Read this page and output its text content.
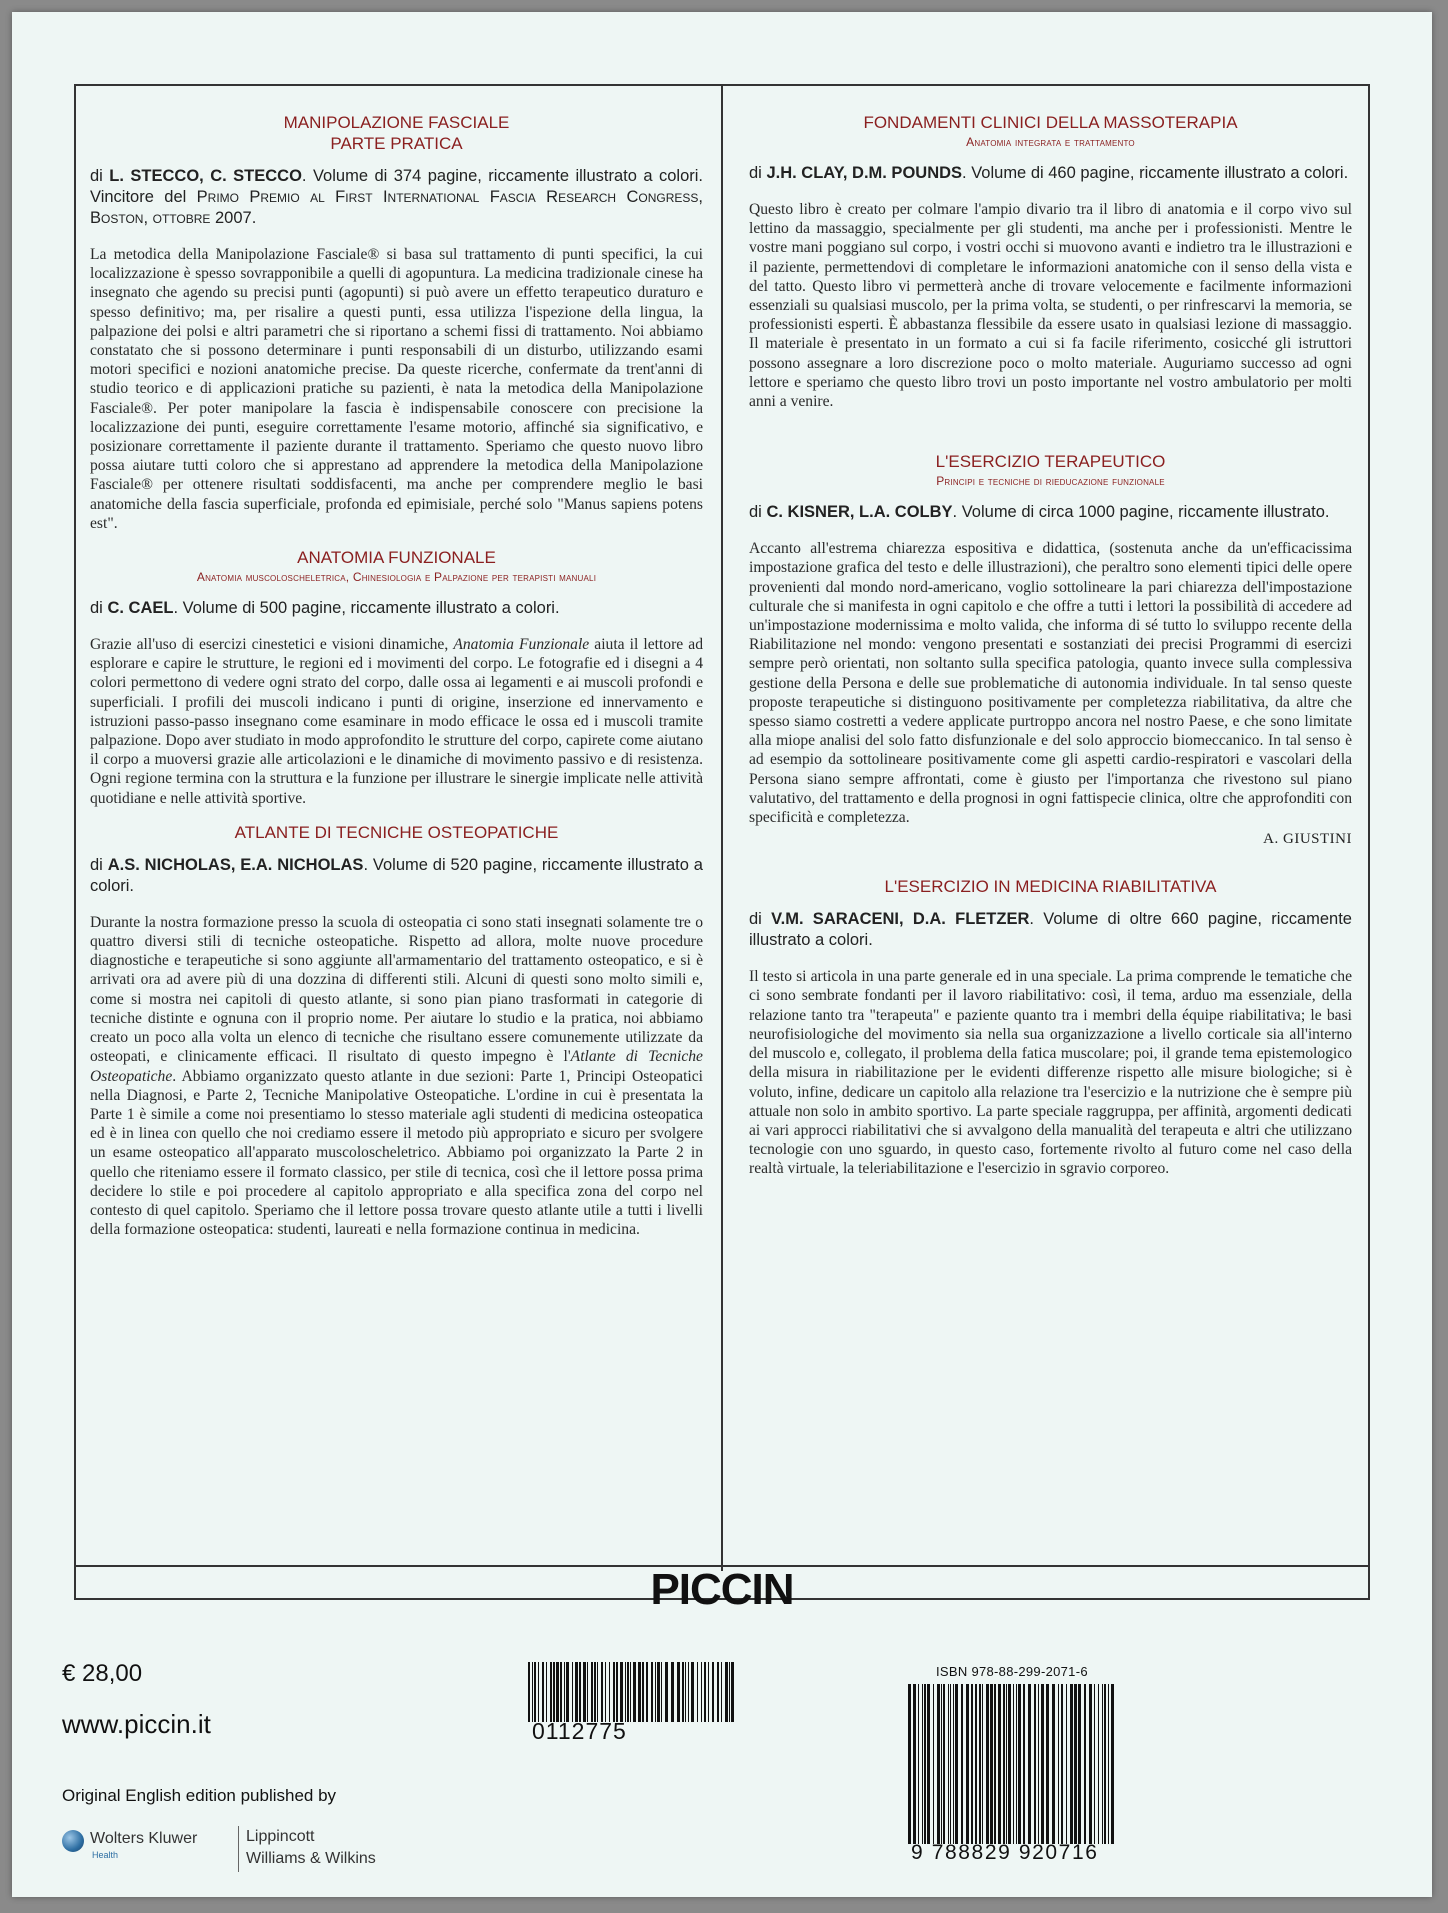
MANIPOLAZIONE FASCIALE

PARTE PRATICA

di L. STECCO, C. STECCO. Volume di 374 pagine, riccamente illustrato a colori. Vincitore del Primo Premio al First International Fascia Research Congress, Boston, ottobre 2007.

La metodica della Manipolazione Fasciale® si basa sul trattamento di punti specifici, la cui localizzazione è spesso sovrapponibile a quelli di agopuntura. La medicina tradizionale cinese ha insegnato che agendo su precisi punti (agopunti) si può avere un effetto terapeutico duraturo e spesso definitivo; ma, per risalire a questi punti, essa utilizza l'ispezione della lingua, la palpazione dei polsi e altri parametri che si riportano a schemi fissi di trattamento. Noi abbiamo constatato che si possono determinare i punti responsabili di un disturbo, utilizzando esami motori specifici e nozioni anatomiche precise. Da queste ricerche, confermate da trent'anni di studio teorico e di applicazioni pratiche su pazienti, è nata la metodica della Manipolazione Fasciale®. Per poter manipolare la fascia è indispensabile conoscere con precisione la localizzazione dei punti, eseguire correttamente l'esame motorio, affinché sia significativo, e posizionare correttamente il paziente durante il trattamento. Speriamo che questo nuovo libro possa aiutare tutti coloro che si apprestano ad apprendere la metodica della Manipolazione Fasciale® per ottenere risultati soddisfacenti, ma anche per comprendere meglio le basi anatomiche della fascia superficiale, profonda ed epimisiale, perché solo "Manus sapiens potens est".

ANATOMIA FUNZIONALE

Anatomia muscoloscheletrica, Chinesiologia e Palpazione per terapisti manuali

di C. CAEL. Volume di 500 pagine, riccamente illustrato a colori.

Grazie all'uso di esercizi cinestetici e visioni dinamiche, Anatomia Funzionale aiuta il lettore ad esplorare e capire le strutture, le regioni ed i movimenti del corpo. Le fotografie ed i disegni a 4 colori permettono di vedere ogni strato del corpo, dalle ossa ai legamenti e ai muscoli profondi e superficiali. I profili dei muscoli indicano i punti di origine, inserzione ed innervamento e istruzioni passo-passo insegnano come esaminare in modo efficace le ossa ed i muscoli tramite palpazione. Dopo aver studiato in modo approfondito le strutture del corpo, capirete come aiutano il corpo a muoversi grazie alle articolazioni e le dinamiche di movimento passivo e di resistenza. Ogni regione termina con la struttura e la funzione per illustrare le sinergie implicate nelle attività quotidiane e nelle attività sportive.

ATLANTE DI TECNICHE OSTEOPATICHE

di A.S. NICHOLAS, E.A. NICHOLAS. Volume di 520 pagine, riccamente illustrato a colori.

Durante la nostra formazione presso la scuola di osteopatia ci sono stati insegnati solamente tre o quattro diversi stili di tecniche osteopatiche. Rispetto ad allora, molte nuove procedure diagnostiche e terapeutiche si sono aggiunte all'armamentario del trattamento osteopatico, e si è arrivati ora ad avere più di una dozzina di differenti stili. Alcuni di questi sono molto simili e, come si mostra nei capitoli di questo atlante, si sono pian piano trasformati in categorie di tecniche distinte e ognuna con il proprio nome. Per aiutare lo studio e la pratica, noi abbiamo creato un poco alla volta un elenco di tecniche che risultano essere comunemente utilizzate da osteopati, e clinicamente efficaci. Il risultato di questo impegno è l'Atlante di Tecniche Osteopatiche. Abbiamo organizzato questo atlante in due sezioni: Parte 1, Principi Osteopatici nella Diagnosi, e Parte 2, Tecniche Manipolative Osteopatiche. L'ordine in cui è presentata la Parte 1 è simile a come noi presentiamo lo stesso materiale agli studenti di medicina osteopatica ed è in linea con quello che noi crediamo essere il metodo più appropriato e sicuro per svolgere un esame osteopatico all'apparato muscoloscheletrico. Abbiamo poi organizzato la Parte 2 in quello che riteniamo essere il formato classico, per stile di tecnica, così che il lettore possa prima decidere lo stile e poi procedere al capitolo appropriato e alla specifica zona del corpo nel contesto di quel capitolo. Speriamo che il lettore possa trovare questo atlante utile a tutti i livelli della formazione osteopatica: studenti, laureati e nella formazione continua in medicina.

FONDAMENTI CLINICI DELLA MASSOTERAPIA

Anatomia integrata e trattamento

di J.H. CLAY, D.M. POUNDS. Volume di 460 pagine, riccamente illustrato a colori.

Questo libro è creato per colmare l'ampio divario tra il libro di anatomia e il corpo vivo sul lettino da massaggio, specialmente per gli studenti, ma anche per i professionisti. Mentre le vostre mani poggiano sul corpo, i vostri occhi si muovono avanti e indietro tra le illustrazioni e il paziente, permettendovi di completare le informazioni anatomiche con il senso della vista e del tatto. Questo libro vi permetterà anche di trovare velocemente e facilmente informazioni essenziali su qualsiasi muscolo, per la prima volta, se studenti, o per rinfrescarvi la memoria, se professionisti esperti. È abbastanza flessibile da essere usato in qualsiasi lezione di massaggio. Il materiale è presentato in un formato a cui si fa facile riferimento, cosicché gli istruttori possono assegnare a loro discrezione poco o molto materiale. Auguriamo successo ad ogni lettore e speriamo che questo libro trovi un posto importante nel vostro ambulatorio per molti anni a venire.

L'ESERCIZIO TERAPEUTICO

Principi e tecniche di rieducazione funzionale

di C. KISNER, L.A. COLBY. Volume di circa 1000 pagine, riccamente illustrato.

Accanto all'estrema chiarezza espositiva e didattica, (sostenuta anche da un'efficacissima impostazione grafica del testo e delle illustrazioni), che peraltro sono elementi tipici delle opere provenienti dal mondo nord-americano, voglio sottolineare la pari chiarezza dell'impostazione culturale che si manifesta in ogni capitolo e che offre a tutti i lettori la possibilità di accedere ad un'impostazione modernissima e molto valida, che informa di sé tutto lo sviluppo recente della Riabilitazione nel mondo: vengono presentati e sostanziati dei precisi Programmi di esercizi sempre però orientati, non soltanto sulla specifica patologia, quanto invece sulla complessiva gestione della Persona e delle sue problematiche di autonomia individuale. In tal senso queste proposte terapeutiche si distinguono positivamente per completezza riabilitativa, da altre che spesso siamo costretti a vedere applicate purtroppo ancora nel nostro Paese, e che sono limitate alla miope analisi del solo fatto disfunzionale e del solo approccio biomeccanico. In tal senso è ad esempio da sottolineare positivamente come gli aspetti cardio-respiratori e vascolari della Persona siano sempre affrontati, come è giusto per l'importanza che rivestono sul piano valutativo, del trattamento e della prognosi in ogni fattispecie clinica, oltre che approfonditi con specificità e completezza.

A. GIUSTINI

L'ESERCIZIO IN MEDICINA RIABILITATIVA

di V.M. SARACENI, D.A. FLETZER. Volume di oltre 660 pagine, riccamente illustrato a colori.

Il testo si articola in una parte generale ed in una speciale. La prima comprende le tematiche che ci sono sembrate fondanti per il lavoro riabilitativo: così, il tema, arduo ma essenziale, della relazione tanto tra "terapeuta" e paziente quanto tra i membri della équipe riabilitativa; le basi neurofisiologiche del movimento sia nella sua organizzazione a livello corticale sia all'interno del muscolo e, collegato, il problema della fatica muscolare; poi, il grande tema epistemologico della misura in riabilitazione per le evidenti differenze rispetto alle misure biologiche; si è voluto, infine, dedicare un capitolo alla relazione tra l'esercizio e la nutrizione che è sempre più attuale non solo in ambito sportivo. La parte speciale raggruppa, per affinità, argomenti dedicati ai vari approcci riabilitativi che si avvalgono della manualità del terapeuta e altri che utilizzano tecnologie con uno sguardo, in questo caso, fortemente rivolto al futuro come nel caso della realtà virtuale, la teleriabilitazione e l'esercizio in sgravio corporeo.

PICCIN
€ 28,00
www.piccin.it
Original English edition published by
Wolters Kluwer
Health
Lippincott
Williams & Wilkins
0112775
ISBN 978-88-299-2071-6
9 788829 920716
